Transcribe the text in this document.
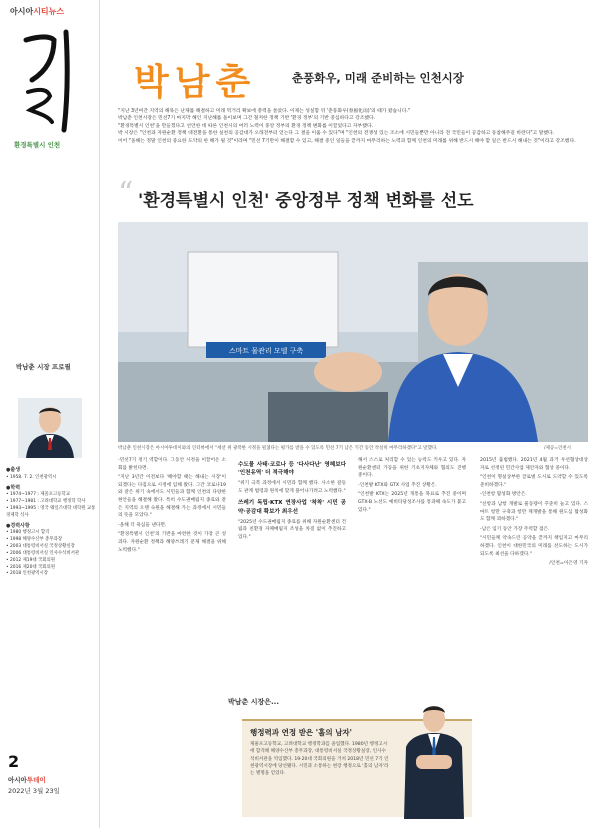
아시아시티뉴스
환경특별시 인천
박남춘 시장 프로필
●출생
• 1958. 7. 2. 인천광역시
●학력
• 1974~1977 : 제물포고등학교
• 1977~1981 : 고려대학교 행정학 학사
• 1993~1995 : 영국 웨일즈대학 대학원 교통경제학 석사
●경력사항
• 1980 행정고시 합격
• 1998 해양수산부 총무과장
• 2003 대통령비서실 국정상황실장
• 2006 대통령비서실 인사수석비서관
• 2012 제19대 국회의원
• 2016 제20대 국회의원
• 2018 인천광역시장
2
아시아투데이
2022년 3월 23일
박남춘	춘풍화우, 미래 준비하는 인천시장

"지난 3년여간 지역의 해묵은 난제를 해결하고 미래 먹거리 확보에 총력을 쏟았다. 이제는 성실함 뒤 '춘풍화우(春風化雨)'의 때가 왔습니다."

박남춘 인천시장은 민선7기 마지막 해인 지난해를 돌이보며 그간 철저한 정책 기반 '환경 정부'의 기반 중심하다고 강조했다.

"환경특별시 인천'을 만들겠다고 선언한 데 따른 인천시의 여러 노력이 중앙 정부의 환경 정책 변화를 이끌었다고 자부했다.

박 시장은 "인천과 자원순환 정책 대전환을 통한 실천의 공감대가 오래전부터 얻는다 그 결을 이룰 수 있다"며 "인천의 전쟁성 있는 조소에 시민들뿐만 아니라 전 국민들이 공감하고 동참해주길 바란다"고 말했다.

이어 "올해는 정말 인천의 중요한 도약의 한 해가 될 것"이라며 "민선 7기만이 해결할 수 있고, 해결 중인 일들을 끝까지 마무리하는 노력과 함께 인천의 미래를 위해 반드시 해야 할 일은 반드시 해내는 것"이라고 강조했다.

“ '환경특별시 인천' 중앙정부 정책 변화를 선도
스마트 물관리 모델 구축
박남춘 인천시장은 아시아투데이와의 인터뷰에서 "세션 위 광폭한 시정을 펼쳤다는 평가를 받을 수 있도록 민선 7기 남은 기간 동안 착실히 마무리하겠다"고 말했다.	/제공=인천시

-민선7기 정기 역할이다. 그동안 시정을 이끌어온 소회를 밝힌다면.

"지난 3년간 이전보다 '해야할 때는 해내는 시장'이 되겠다는 다짐으로 시정에 임해 왔다. 그간 코로나19와 같은 위기 속에서도 시민들과 함께 인천의 다양한 현안들을 해결해 왔다. 특히 수도권매립지 종료와 같은 지역의 오랜 숙원을 해결해 가는 과정에서 시민들의 뜻을 모았다."

-올해 더 욕심을 낸다면.

"환경특별시 인천'의 기반을 마련한 것이 가장 큰 성과다. 자원순환 정책과 해양쓰레기 문제 해결을 위해 노력했다."

수도물 사태·코로나 등 '다사다난' 영혜보다 '인천유역' 더 적극해야

"위기 극복 과정에서 시민과 함께 했다. 사소한 갈등도 관계 법령과 원칙에 맞게 풀어나가려고 노력했다."

쓰레기 독립·KTX 연장사업 '착착' 시민 공약·공감대 확보가 최우선

"2025년 수도권매립지 종료를 위해 자원순환센터 건립과 친환경 자체매립지 조성을 차질 없이 추진하고 있다."

해서 스스로 처리할 수 있는 능력도 키우고 있다. 자원순환센터 가동을 위한 기초지자체와 협의도 진행 중이다.

-인천발 KTX와 GTX 사업 추진 상황은.

"인천발 KTX는 2025년 개통을 목표로 추진 중이며 GTX-B 노선도 예비타당성조사를 통과해 속도가 붙고 있다."

2015년 출범했다. 2021년 4월 과거 우선협상대상자로 선정된 민간사업 제안자와 협상 중이다.

"인천이 명실상부한 글로벌 도시로 도약할 수 있도록 준비하겠다."

-인천항 활성화 방안은.

"신항과 남항 개발로 물동량이 꾸준히 늘고 있다. 스마트 항만 구축과 항만 재개발을 통해 원도심 활성화도 함께 꾀하겠다."

-남은 임기 동안 가장 주력할 점은.

"시민들께 약속드린 공약을 끝까지 책임지고 마무리하겠다. 인천이 대한민국의 미래를 선도하는 도시가 되도록 최선을 다하겠다."

/인천=이은영 기자

박남춘 시장은...
행정력과 연정 받은 '홀의 남자'
제물포고등학교, 고려대학교 행정학과를 졸업했다. 1980년 행정고시에 합격해 해양수산부 총무과장, 대통령비서실 국정상황실장, 인사수석비서관을 역임했다. 19·20대 국회의원을 거쳐 2018년 민선 7기 인천광역시장에 당선됐다. 시민과 소통하는 현장 행정으로 '홀의 남자'라는 별명을 얻었다.
